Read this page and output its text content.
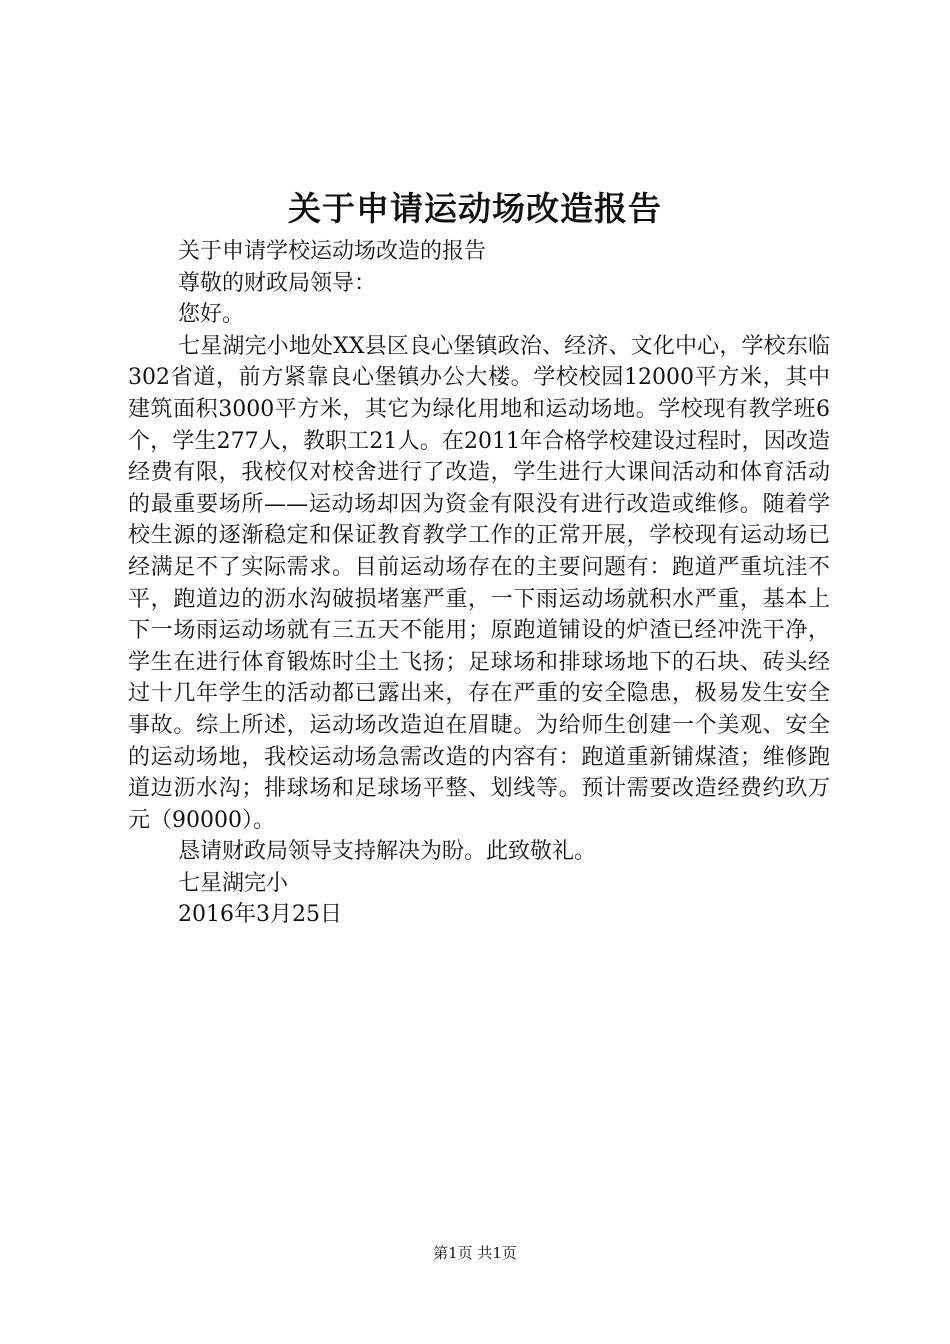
关于申请运动场改造报告

关于申请学校运动场改造的报告

尊敬的财政局领导：

您好。

七星湖完小地处XX县区良心堡镇政治、经济、文化中心，学校东临302省道，前方紧靠良心堡镇办公大楼。学校校园12000平方米，其中建筑面积3000平方米，其它为绿化用地和运动场地。学校现有教学班6个，学生277人，教职工21人。在2011年合格学校建设过程时，因改造经费有限，我校仅对校舍进行了改造，学生进行大课间活动和体育活动的最重要场所——运动场却因为资金有限没有进行改造或维修。随着学校生源的逐渐稳定和保证教育教学工作的正常开展，学校现有运动场已经满足不了实际需求。目前运动场存在的主要问题有：跑道严重坑洼不平，跑道边的沥水沟破损堵塞严重，一下雨运动场就积水严重，基本上下一场雨运动场就有三五天不能用；原跑道铺设的炉渣已经冲洗干净，学生在进行体育锻炼时尘土飞扬；足球场和排球场地下的石块、砖头经过十几年学生的活动都已露出来，存在严重的安全隐患，极易发生安全事故。综上所述，运动场改造迫在眉睫。为给师生创建一个美观、安全的运动场地，我校运动场急需改造的内容有：跑道重新铺煤渣；维修跑道边沥水沟；排球场和足球场平整、划线等。预计需要改造经费约玖万元（90000）。

恳请财政局领导支持解决为盼。此致敬礼。

七星湖完小

2016年3月25日

第1页 共1页
